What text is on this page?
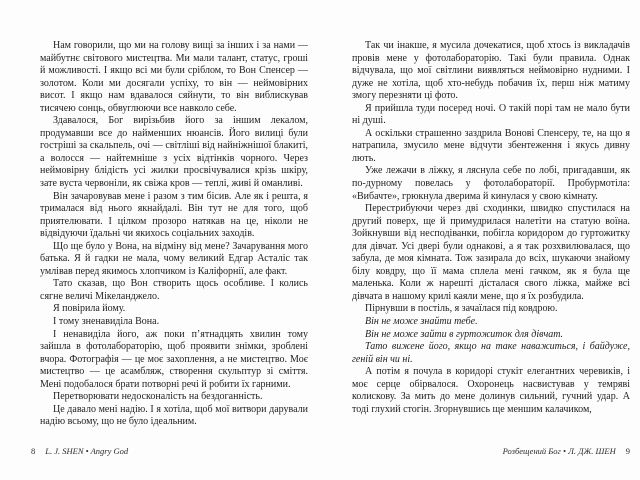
Нам говорили, що ми на голову вищі за інших і за нами — майбутнє світового мистецтва. Ми мали талант, статус, гроші й можливості. І якщо всі ми були сріблом, то Вон Спенсер — золотом. Коли ми досягали успіху, то він — неймовірних висот. І якщо нам вдавалося сяйнути, то він виблискував тисячею сонць, обвуглюючи все навколо себе.

Здавалося, Бог вирізьбив його за іншим лекалом, продумавши все до найменших нюансів. Його вилиці були гостріші за скальпель, очі — світліші від найніжнішої блакиті, а волосся — найтемніше з усіх відтінків чорного. Через неймовірну блідість усі жилки просвічувалися крізь шкіру, зате вуста червоніли, як свіжа кров — теплі, живі й оманливі.

Він зачаровував мене і разом з тим бісив. Але як і решта, я трималася від нього якнайдалі. Він тут не для того, щоб приятелювати. І цілком прозоро натякав на це, ніколи не відвідуючи їдальні чи якихось соціальних заходів.

Що ще було у Вона, на відміну від мене? Зачарування мого батька. Я й гадки не мала, чому великий Едгар Асталіс так умлівав перед якимось хлопчиком із Каліфорнії, але факт.

Тато сказав, що Вон створить щось особливе. І колись сягне величі Мікеланджело.

Я повірила йому.

І тому зненавиділа Вона.

І ненавиділа його, аж поки п’ятнадцять хвилин тому зайшла в фотолабораторію, щоб проявити знімки, зроблені вчора. Фотографія — це моє захоплення, а не мистецтво. Моє мистецтво — це асамбляж, створення скульптур зі сміття. Мені подобалося брати потворні речі й робити їх гарними.

Перетворювати недосконалість на бездоганність.

Це давало мені надію. І я хотіла, щоб мої витвори дарували надію всьому, що не було ідеальним.

Так чи інакше, я мусила дочекатися, щоб хтось із викладачів провів мене у фотолабораторію. Такі були правила. Однак відчувала, що мої світлини виявляться неймовірно нудними. І дуже не хотіла, щоб хто-небудь побачив їх, перш ніж матиму змогу перезняти ці фото.

Я прийшла туди посеред ночі. О такій порі там не мало бути ні душі.

А оскільки страшенно заздрила Вонові Спенсеру, те, на що я натрапила, змусило мене відчути збентеження і якусь дивну лють.

Уже лежачи в ліжку, я ляснула себе по лобі, пригадавши, як по-дурному повелась у фотолабораторії. Пробурмотіла: «Вибачте», грюкнула дверима й кинулася у свою кімнату.

Перестрибуючи через дві сходинки, швидко спустилася на другий поверх, ще й примудрилася налетіти на статую воїна. Зойкнувши від несподіванки, побігла коридором до гуртожитку для дівчат. Усі двері були однакові, а я так розхвилювалася, що забула, де моя кімната. Тож зазирала до всіх, шукаючи знайому білу ковдру, що її мама сплела мені гачком, як я була ще маленька. Коли ж нарешті дісталася свого ліжка, майже всі дівчата в нашому крилі каяли мене, що я їх розбудила.

Пірнувши в постіль, я зачаїлася під ковдрою.

Він не може знайти тебе.

Він не може зайти в гуртожиток для дівчат.

Тато вижене його, якщо на таке наважиться, і байдуже, геній він чи ні.

А потім я почула в коридорі стукіт елегантних черевиків, і моє серце обірвалося. Охоронець насвистував у темряві колискову. За мить до мене долинув сильний, гучний удар. А тоді глухий стогін. Згорнувшись ще меншим калачиком,

8 L. J. SHEN • Angry God	Розбещений Бог • Л. ДЖ. ШЕН 9
